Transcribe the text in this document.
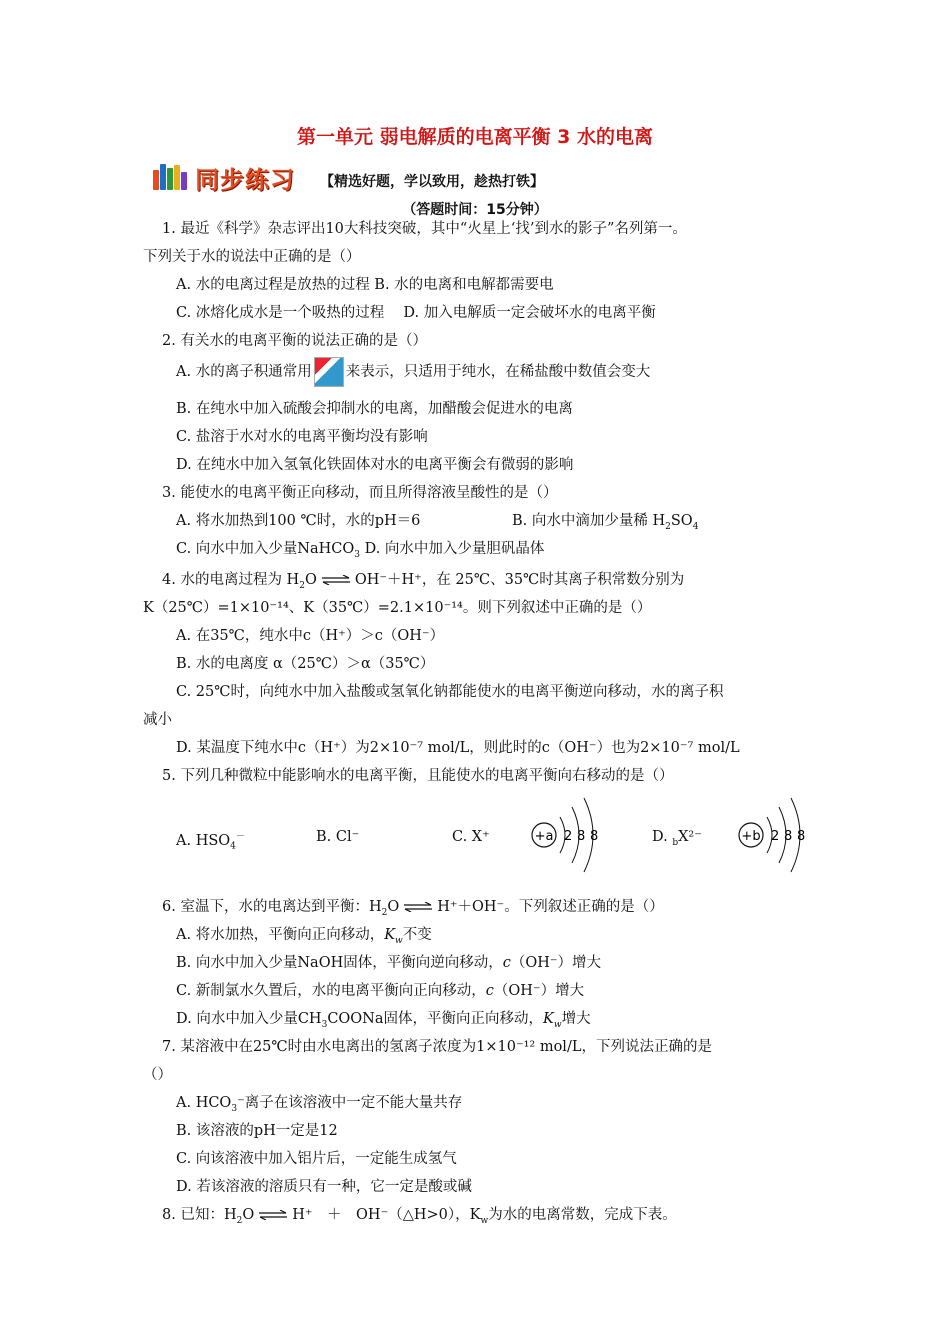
第一单元 弱电解质的电离平衡 3 水的电离
同步练习 【精选好题，学以致用，趁热打铁】
（答题时间：15分钟）
1. 最近《科学》杂志评出10大科技突破，其中“火星上‘找’到水的影子”名列第一。
下列关于水的说法中正确的是（）
A. 水的电离过程是放热的过程 B. 水的电离和电解都需要电
C. 冰熔化成水是一个吸热的过程　 D. 加入电解质一定会破坏水的电离平衡
2. 有关水的电离平衡的说法正确的是（）
A. 水的离子积通常用 来表示，只适用于纯水，在稀盐酸中数值会变大
B. 在纯水中加入硫酸会抑制水的电离，加醋酸会促进水的电离
C. 盐溶于水对水的电离平衡均没有影响
D. 在纯水中加入氢氧化铁固体对水的电离平衡会有微弱的影响
3. 能使水的电离平衡正向移动，而且所得溶液呈酸性的是（）
A. 将水加热到100 ℃时，水的pH＝6	B. 向水中滴加少量稀 $H_2SO_4$
C. 向水中加入少量NaHCO$_3$ D. 向水中加入少量胆矾晶体
4. 水的电离过程为 $H_2O$ ⇌ OH⁻＋H⁺，在 25℃、35℃时其离子积常数分别为
K（25℃）=1×10⁻¹⁴、K（35℃）=2.1×10⁻¹⁴。则下列叙述中正确的是（）
A. 在35℃，纯水中c（H⁺）＞c（OH⁻）
B. 水的电离度 α（25℃）＞α（35℃）
C. 25℃时，向纯水中加入盐酸或氢氧化钠都能使水的电离平衡逆向移动，水的离子积
减小
D. 某温度下纯水中c（H⁺）为2×10⁻⁷ mol/L，则此时的c（OH⁻）也为2×10⁻⁷ mol/L
5. 下列几种微粒中能影响水的电离平衡，且能使水的电离平衡向右移动的是（）
A. $HSO_4^-$	B. Cl⁻	C. X⁺	D. $_b$X²⁻
+a 2 8 8	+b 2 8 8
6. 室温下，水的电离达到平衡：$H_2O$ ⇌ H⁺＋OH⁻。下列叙述正确的是（）
A. 将水加热，平衡向正向移动，$K_w$不变
B. 向水中加入少量NaOH固体，平衡向逆向移动，c（OH⁻）增大
C. 新制氯水久置后，水的电离平衡向正向移动，c（OH⁻）增大
D. 向水中加入少量$CH_3COONa$固体，平衡向正向移动，$K_w$增大
7. 某溶液中在25℃时由水电离出的氢离子浓度为1×10⁻¹² mol/L，下列说法正确的是
（）
A. $HCO_3^-$离子在该溶液中一定不能大量共存
B. 该溶液的pH一定是12
C. 向该溶液中加入铝片后，一定能生成氢气
D. 若该溶液的溶质只有一种，它一定是酸或碱
8. 已知：$H_2O$ ⇌ H⁺　 ＋　OH⁻（△H>0），$K_w$为水的电离常数，完成下表。
